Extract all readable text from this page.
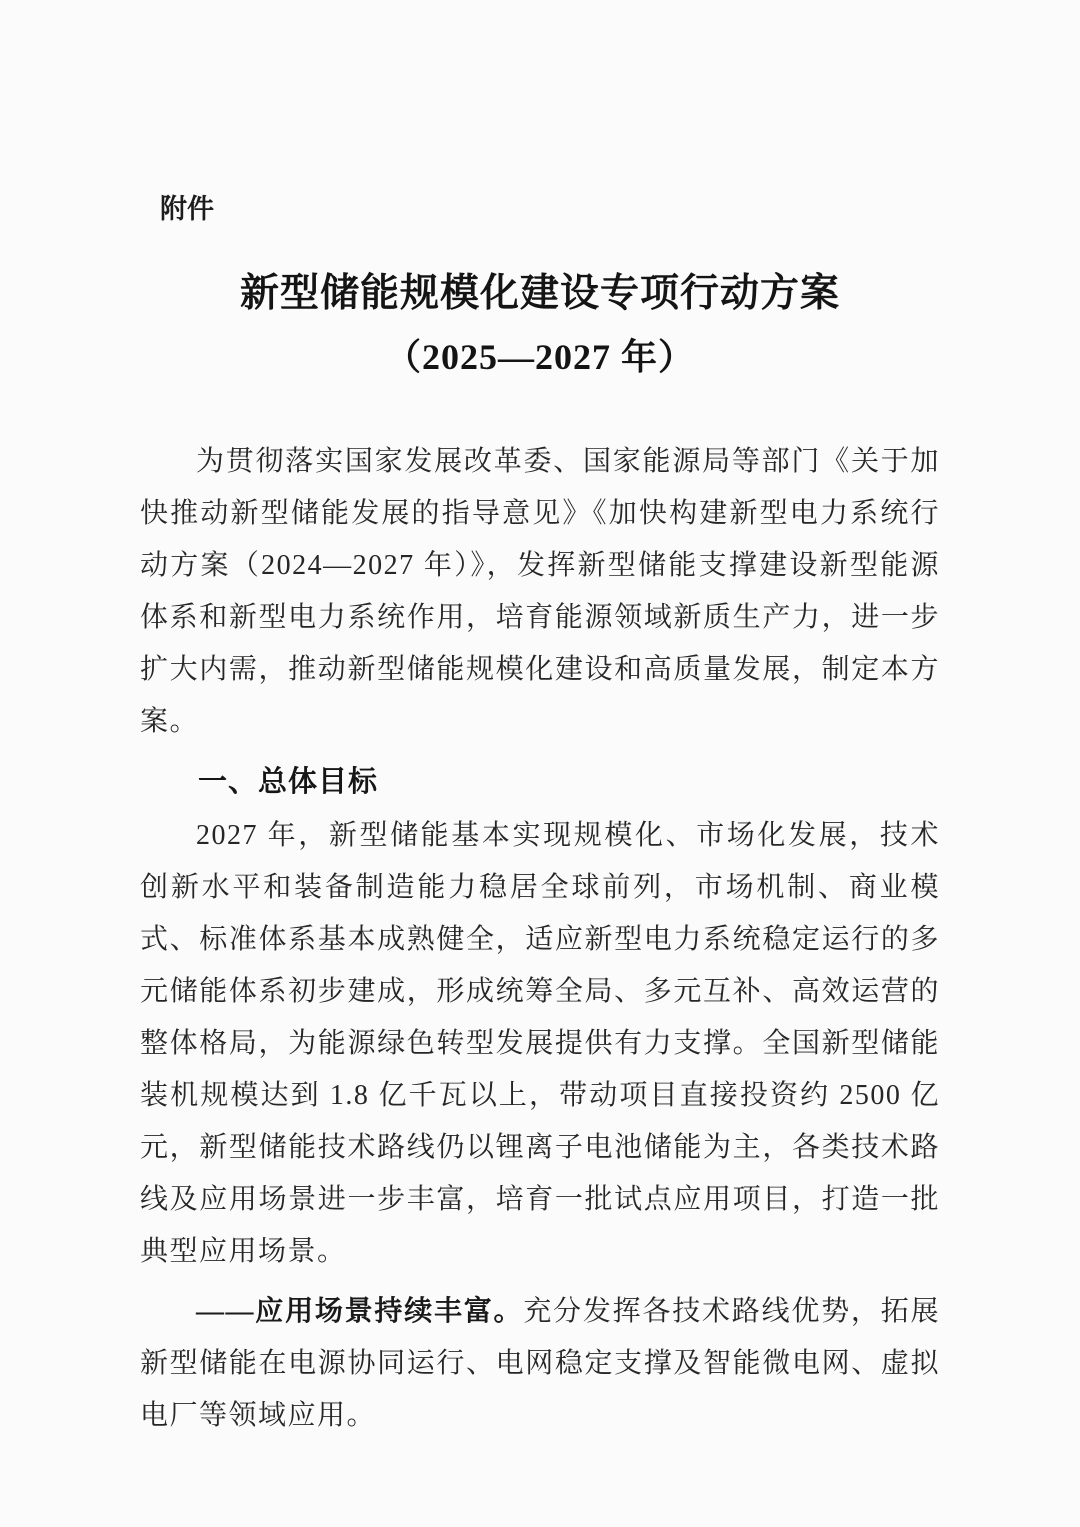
附件
新型储能规模化建设专项行动方案
（2025—2027 年）

为贯彻落实国家发展改革委、国家能源局等部门《关于加快推动新型储能发展的指导意见》《加快构建新型电力系统行动方案（2024—2027 年）》，发挥新型储能支撑建设新型能源体系和新型电力系统作用，培育能源领域新质生产力，进一步扩大内需，推动新型储能规模化建设和高质量发展，制定本方案。

一、总体目标

2027 年，新型储能基本实现规模化、市场化发展，技术创新水平和装备制造能力稳居全球前列，市场机制、商业模式、标准体系基本成熟健全，适应新型电力系统稳定运行的多元储能体系初步建成，形成统筹全局、多元互补、高效运营的整体格局，为能源绿色转型发展提供有力支撑。全国新型储能装机规模达到 1.8 亿千瓦以上，带动项目直接投资约 2500 亿元，新型储能技术路线仍以锂离子电池储能为主，各类技术路线及应用场景进一步丰富，培育一批试点应用项目，打造一批典型应用场景。

——应用场景持续丰富。充分发挥各技术路线优势，拓展新型储能在电源协同运行、电网稳定支撑及智能微电网、虚拟电厂等领域应用。
